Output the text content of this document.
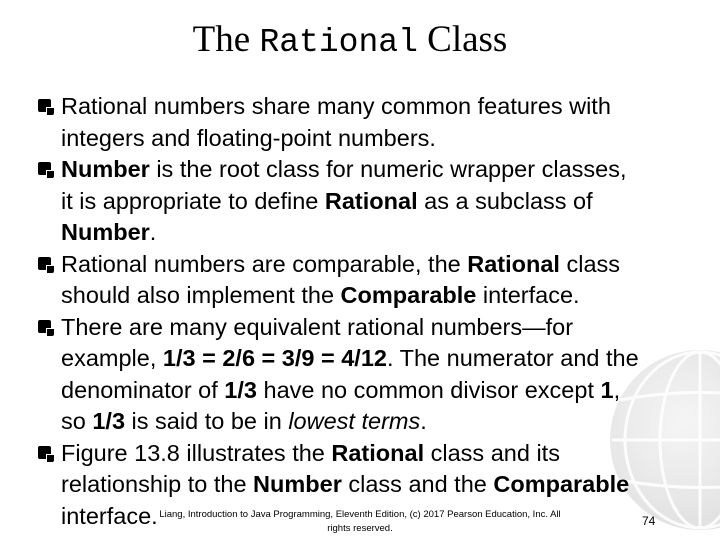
The Rational Class
Rational numbers share many common features with
integers and floating-point numbers.
Number is the root class for numeric wrapper classes,
it is appropriate to define Rational as a subclass of
Number.
Rational numbers are comparable, the Rational class
should also implement the Comparable interface.
There are many equivalent rational numbers—for
example, 1/3 = 2/6 = 3/9 = 4/12. The numerator and the
denominator of 1/3 have no common divisor except 1,
so 1/3 is said to be in lowest terms.
Figure 13.8 illustrates the Rational class and its
relationship to the Number class and the Comparable
interface. Liang, Introduction to Java Programming, Eleventh Edition, (c) 2017 Pearson Education, Inc. All
rights reserved.
74
